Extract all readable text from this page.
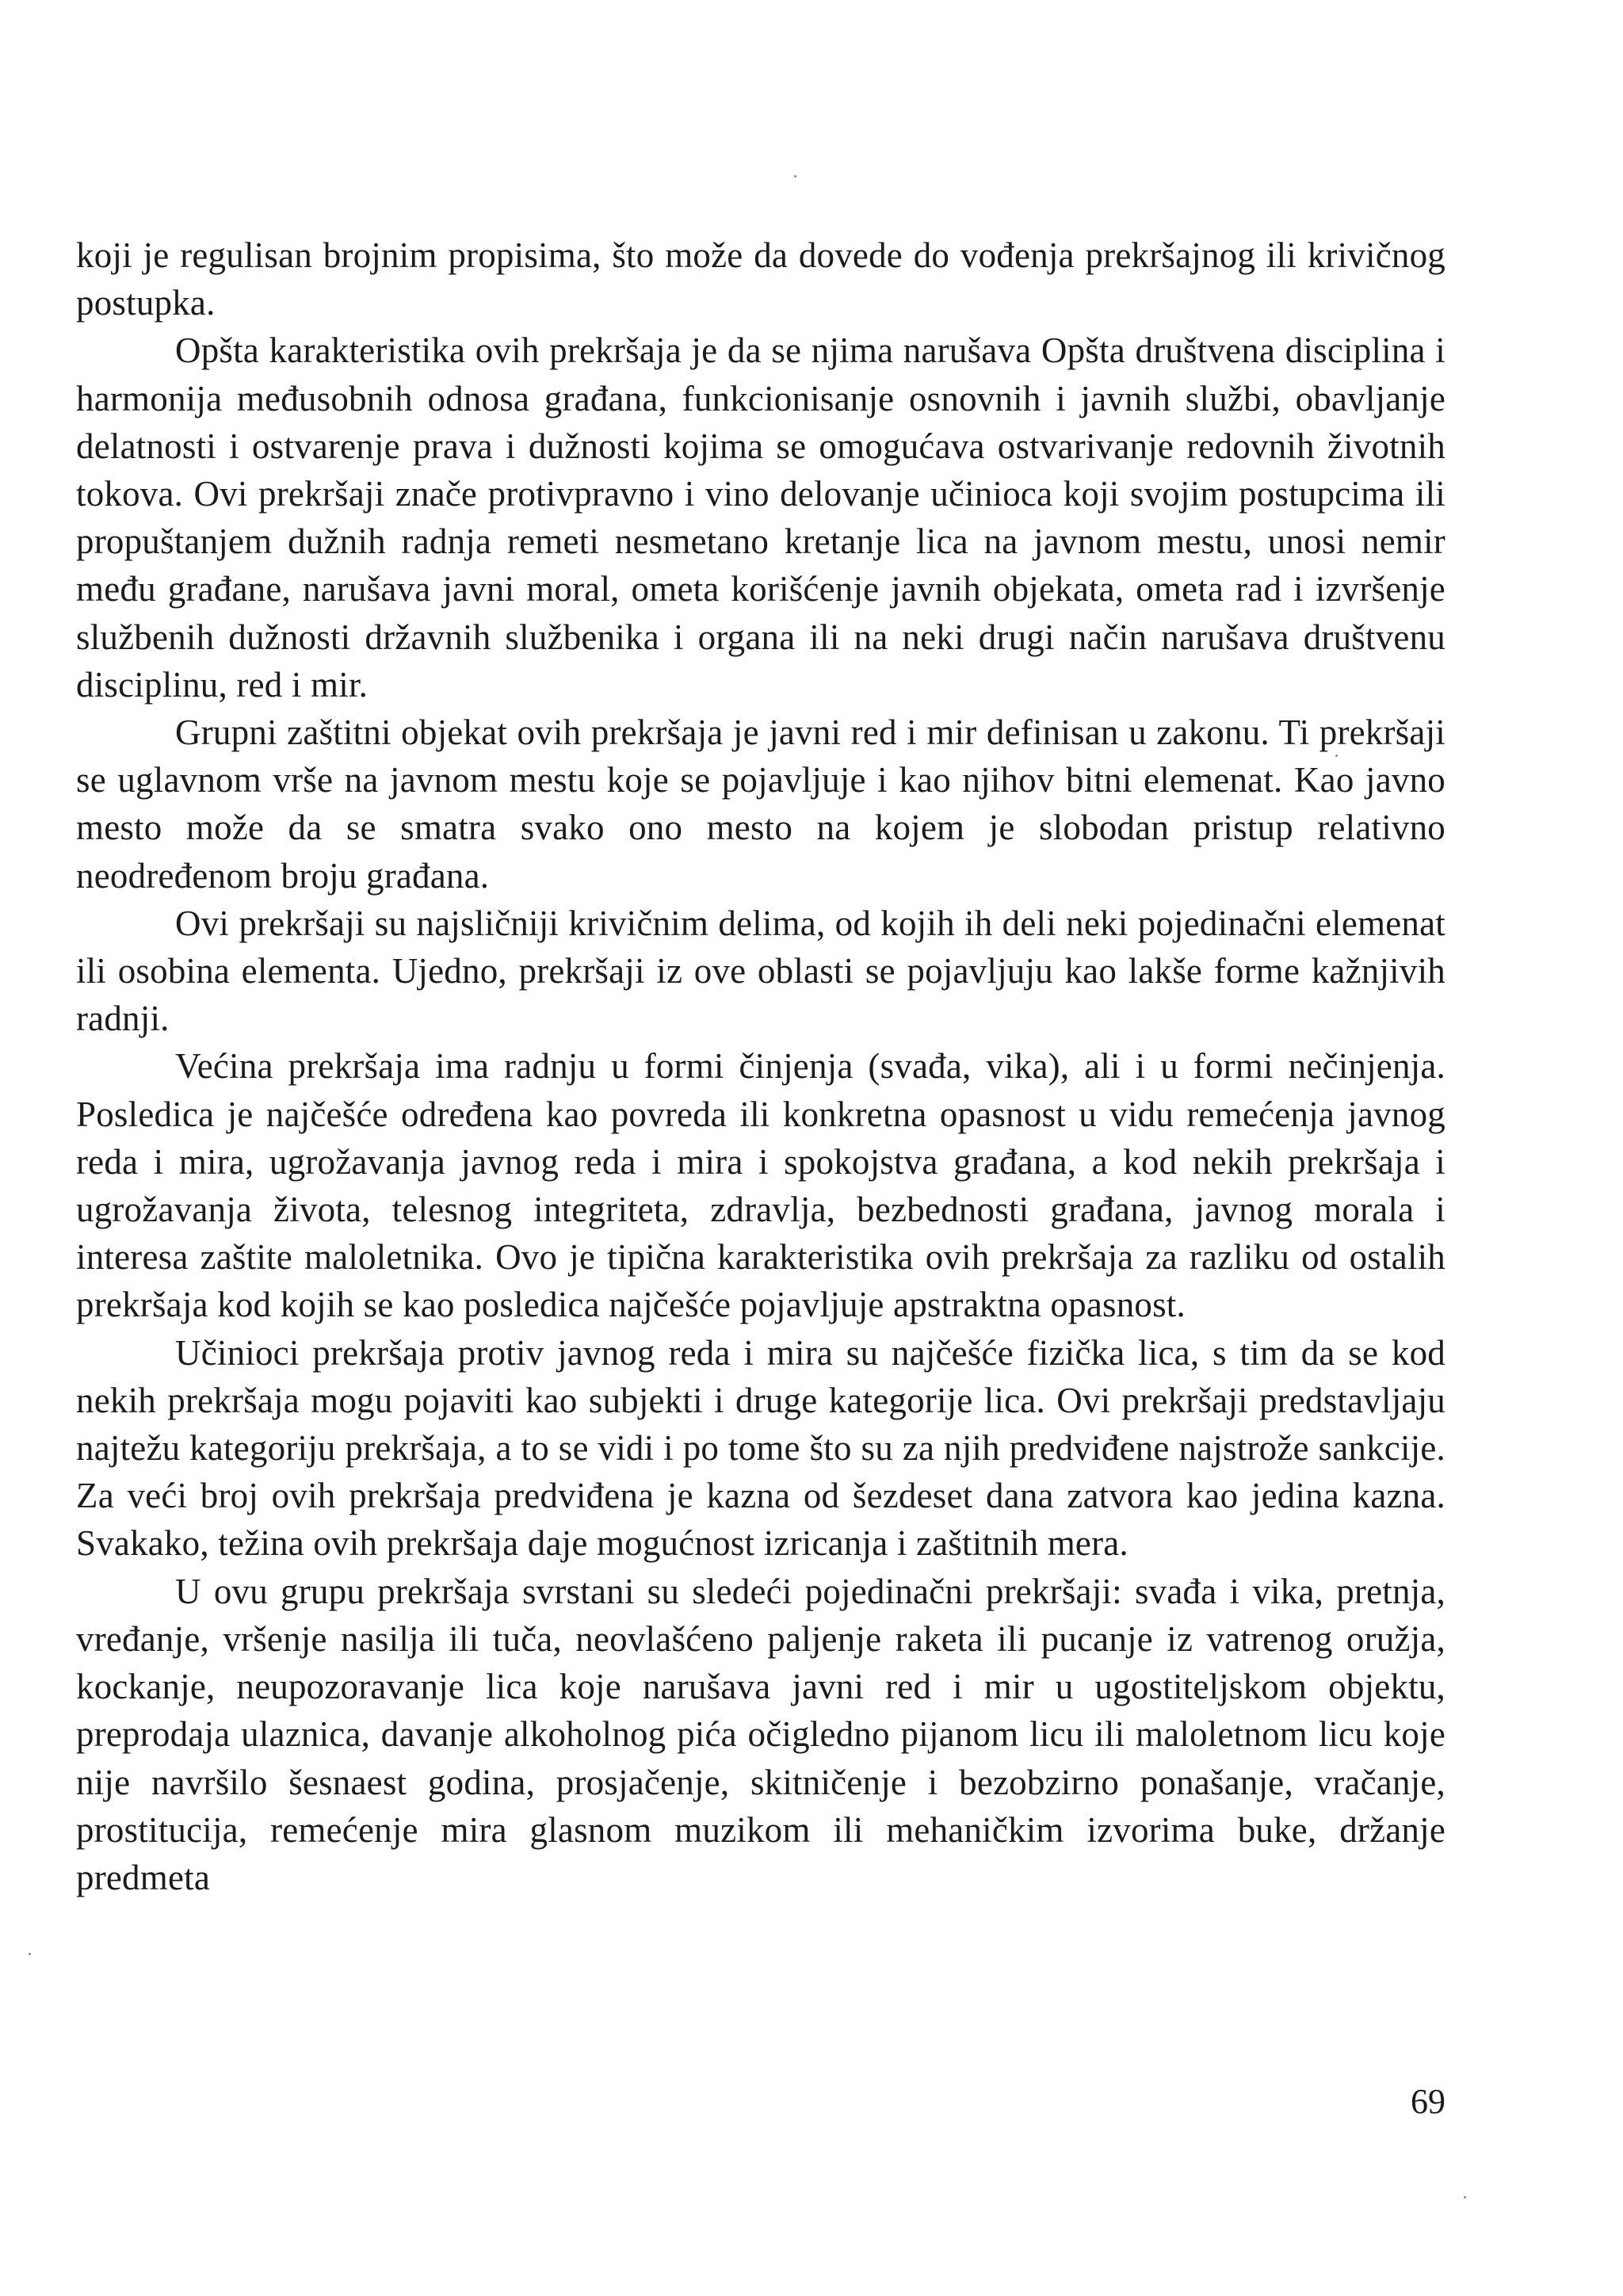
koji je regulisan brojnim propisima, što može da dovede do vođenja prekršajnog ili krivičnog postupka.

Opšta karakteristika ovih prekršaja je da se njima narušava Opšta društvena disciplina i harmonija međusobnih odnosa građana, funkcionisanje osnovnih i javnih službi, obavljanje delatnosti i ostvarenje prava i dužnosti kojima se omogućava ostvarivanje redovnih životnih tokova. Ovi prekršaji znače protivpravno i vino delovanje učinioca koji svojim postupcima ili propuštanjem dužnih radnja remeti nesmetano kretanje lica na javnom mestu, unosi nemir među građane, narušava javni moral, ometa korišćenje javnih objekata, ometa rad i izvršenje službenih dužnosti državnih službenika i organa ili na neki drugi način narušava društvenu disciplinu, red i mir.

Grupni zaštitni objekat ovih prekršaja je javni red i mir definisan u zakonu. Ti prekršaji se uglavnom vrše na javnom mestu koje se pojavljuje i kao njihov bitni elemenat. Kao javno mesto može da se smatra svako ono mesto na kojem je slobodan pristup relativno neodređenom broju građana.

Ovi prekršaji su najsličniji krivičnim delima, od kojih ih deli neki pojedinačni elemenat ili osobina elementa. Ujedno, prekršaji iz ove oblasti se pojavljuju kao lakše forme kažnjivih radnji.

Većina prekršaja ima radnju u formi činjenja (svađa, vika), ali i u formi nečinjenja. Posledica je najčešće određena kao povreda ili konkretna opasnost u vidu remećenja javnog reda i mira, ugrožavanja javnog reda i mira i spokojstva građana, a kod nekih prekršaja i ugrožavanja života, telesnog integriteta, zdravlja, bezbednosti građana, javnog morala i interesa zaštite maloletnika. Ovo je tipična karakteristika ovih prekršaja za razliku od ostalih prekršaja kod kojih se kao posledica najčešće pojavljuje apstraktna opasnost.

Učinioci prekršaja protiv javnog reda i mira su najčešće fizička lica, s tim da se kod nekih prekršaja mogu pojaviti kao subjekti i druge kategorije lica. Ovi prekršaji predstavljaju najtežu kategoriju prekršaja, a to se vidi i po tome što su za njih predviđene najstrože sankcije. Za veći broj ovih prekršaja predviđena je kazna od šezdeset dana zatvora kao jedina kazna. Svakako, težina ovih prekršaja daje mogućnost izricanja i zaštitnih mera.

U ovu grupu prekršaja svrstani su sledeći pojedinačni prekršaji: svađa i vika, pretnja, vređanje, vršenje nasilja ili tuča, neovlašćeno paljenje raketa ili pucanje iz vatrenog oružja, kockanje, neupozoravanje lica koje narušava javni red i mir u ugostiteljskom objektu, preprodaja ulaznica, davanje alkoholnog pića očigledno pijanom licu ili maloletnom licu koje nije navršilo šesnaest godina, prosjačenje, skitničenje i bezobzirno ponašanje, vračanje, prostitucija, remećenje mira glasnom muzikom ili mehaničkim izvorima buke, držanje predmeta

69
